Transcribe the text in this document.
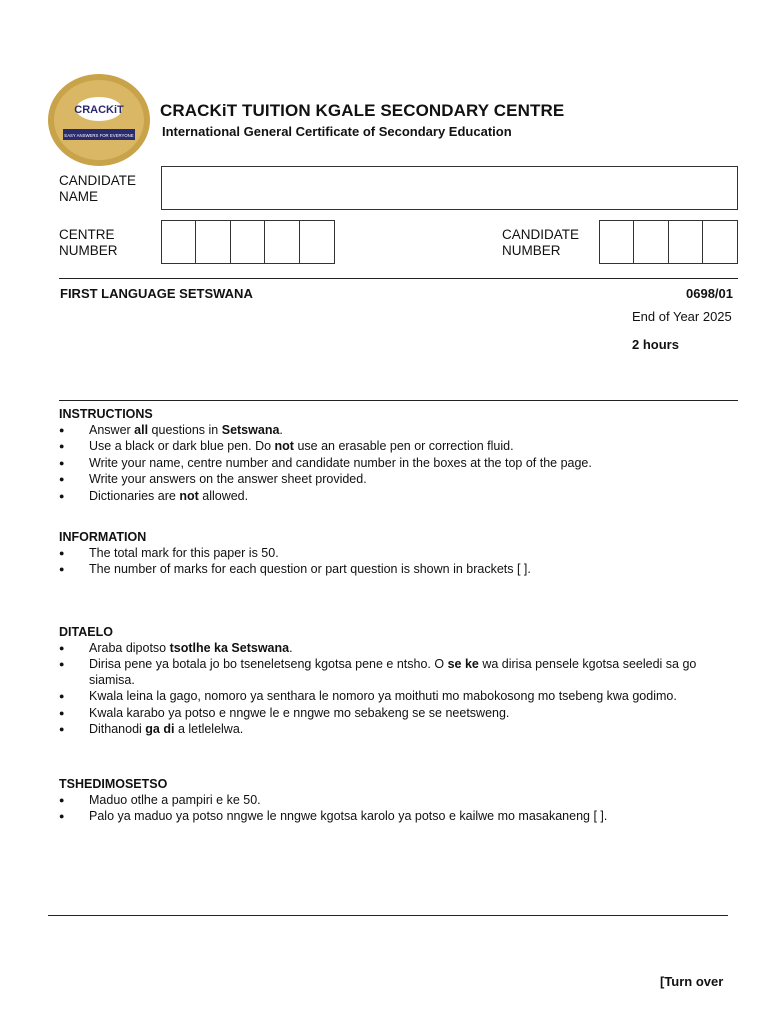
CRACKiT
EASY ANSWERS FOR EVERYONE
CRACKiT TUITION KGALE SECONDARY CENTRE
International General Certificate of Secondary Education
CANDIDATE
NAME
CENTRE
NUMBER
CANDIDATE
NUMBER
FIRST LANGUAGE SETSWANA	0698/01
End of Year 2025
2 hours
INSTRUCTIONS
● Answer all questions in Setswana.
● Use a black or dark blue pen. Do not use an erasable pen or correction fluid.
● Write your name, centre number and candidate number in the boxes at the top of the page.
● Write your answers on the answer sheet provided.
● Dictionaries are not allowed.
INFORMATION
● The total mark for this paper is 50.
● The number of marks for each question or part question is shown in brackets [ ].
DITAELO
● Araba dipotso tsotlhe ka Setswana.
● Dirisa pene ya botala jo bo tseneletseng kgotsa pene e ntsho. O se ke wa dirisa pensele kgotsa seeledi sa go siamisa.
● Kwala leina la gago, nomoro ya senthara le nomoro ya moithuti mo mabokosong mo tsebeng kwa godimo.
● Kwala karabo ya potso e nngwe le e nngwe mo sebakeng se se neetsweng.
● Dithanodi ga di a letlelelwa.
TSHEDIMOSETSO
● Maduo otlhe a pampiri e ke 50.
● Palo ya maduo ya potso nngwe le nngwe kgotsa karolo ya potso e kailwe mo masakaneng [ ].
[Turn over
